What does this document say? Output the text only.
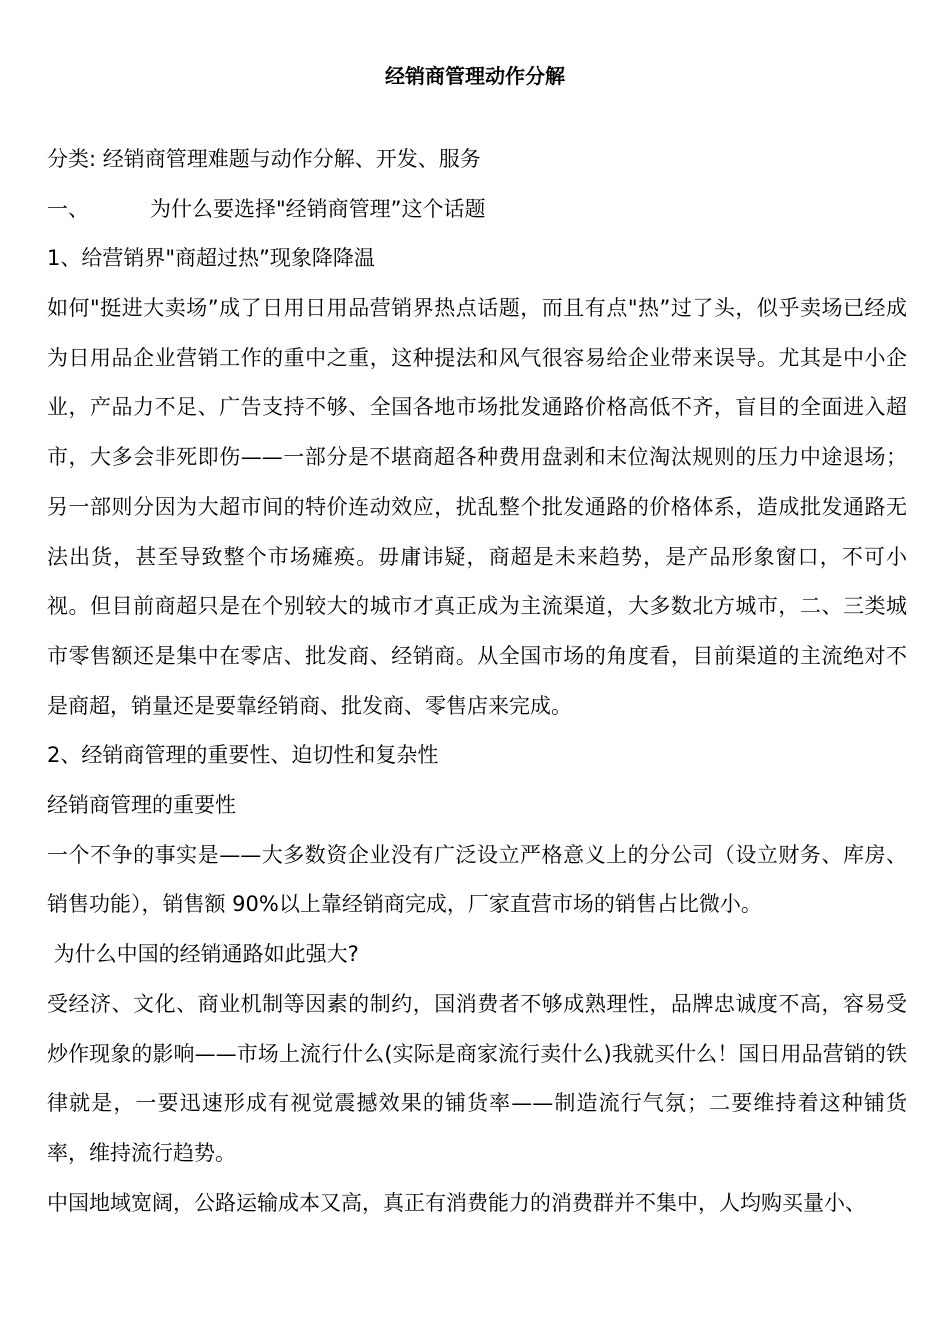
经销商管理动作分解
分类: 经销商管理难题与动作分解、开发、服务
一、	为什么要选择"经销商管理”这个话题
1、给营销界"商超过热”现象降降温

如何"挺进大卖场”成了日用日用品营销界热点话题，而且有点"热”过了头，似乎卖场已经成为日用品企业营销工作的重中之重，这种提法和风气很容易给企业带来误导。尤其是中小企业，产品力不足、广告支持不够、全国各地市场批发通路价格高低不齐，盲目的全面进入超市，大多会非死即伤——一部分是不堪商超各种费用盘剥和末位淘汰规则的压力中途退场；另一部则分因为大超市间的特价连动效应，扰乱整个批发通路的价格体系，造成批发通路无法出货，甚至导致整个市场瘫痪。毋庸讳疑，商超是未来趋势，是产品形象窗口，不可小视。但目前商超只是在个别较大的城市才真正成为主流渠道，大多数北方城市，二、三类城市零售额还是集中在零店、批发商、经销商。从全国市场的角度看，目前渠道的主流绝对不是商超，销量还是要靠经销商、批发商、零售店来完成。

2、经销商管理的重要性、迫切性和复杂性
经销商管理的重要性

一个不争的事实是——大多数资企业没有广泛设立严格意义上的分公司（设立财务、库房、销售功能），销售额 90%以上靠经销商完成，厂家直营市场的销售占比微小。

为什么中国的经销通路如此强大?

受经济、文化、商业机制等因素的制约，国消费者不够成熟理性，品牌忠诚度不高，容易受炒作现象的影响——市场上流行什么(实际是商家流行卖什么)我就买什么！国日用品营销的铁律就是，一要迅速形成有视觉震撼效果的铺货率——制造流行气氛；二要维持着这种铺货率，维持流行趋势。

中国地域宽阔，公路运输成本又高，真正有消费能力的消费群并不集中，人均购买量小、
